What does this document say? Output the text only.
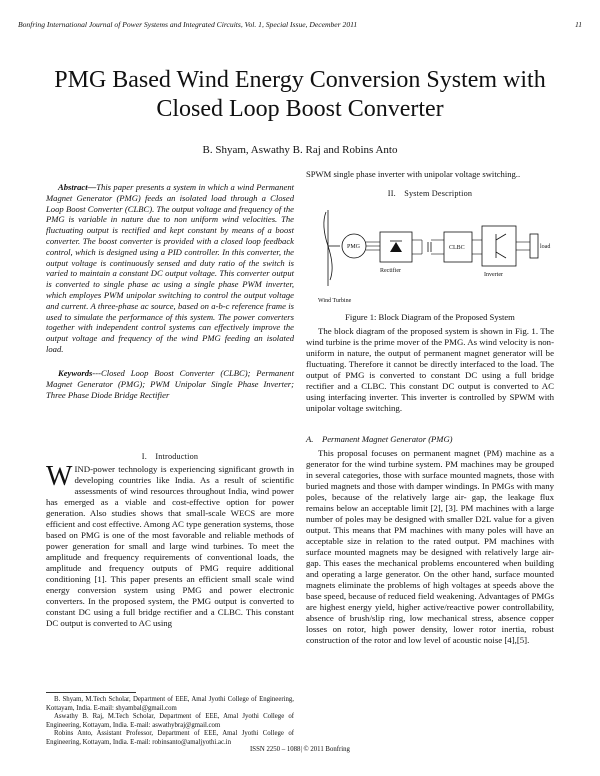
Bonfring International Journal of Power Systems and Integrated Circuits, Vol. 1, Special Issue, December 2011	11
PMG Based Wind Energy Conversion System with Closed Loop Boost Converter
B. Shyam, Aswathy B. Raj and Robins Anto
Abstract—This paper presents a system in which a wind Permanent Magnet Generator (PMG) feeds an isolated load through a Closed Loop Boost Converter (CLBC). The output voltage and frequency of the PMG is variable in nature due to non uniform wind velocities. The fluctuating output is rectified and kept constant by means of a boost converter. The boost converter is provided with a closed loop feedback control, which is designed using a PID controller. In this converter, the output voltage is continuously sensed and duty ratio of the switch is varied to maintain a constant DC output voltage. This converter output is converted to single phase ac using a single phase PWM inverter, which employes PWM unipolar switching to control the output voltage and current. A three-phase ac source, based on a-b-c reference frame is used to simulate the performance of this system. The power converters together with independent control systems can effectively improve the output voltage and frequency of the wind PMG feeding an isolated load.
Keywords---Closed Loop Boost Converter (CLBC); Permanent Magnet Generator (PMG); PWM Unipolar Single Phase Inverter; Three Phase Diode Bridge Rectifier
I. Introduction
WIND-power technology is experiencing significant growth in developing countries like India. As a result of scientific assessments of wind resources throughout India, wind power has emerged as a viable and cost-effective option for power generation. Also studies shows that small-scale WECS are more efficient and cost effective. Among AC type generation systems, those based on PMG is one of the most favorable and reliable methods of power generation for small and large wind turbines. To meet the amplitude and frequency requirements of conventional loads, the amplitude and frequency outputs of PMG require additional conditioning [1]. This paper presents an efficient small scale wind energy conversion system using PMG and power electronic converters. In the proposed system, the PMG output is converted to constant DC using a full bridge rectifier and a CLBC. This constant DC output is converted to AC using

B. Shyam, M.Tech Scholar, Department of EEE, Amal Jyothi College of Engineering, Kottayam, India. E-mail: shyambal@gmail.com

Aswathy B. Raj, M.Tech Scholar, Department of EEE, Amal Jyothi College of Engineering, Kottayam, India. E-mail: aswathybraj@gmail.com

Robins Anto, Assistant Professor, Department of EEE, Amal Jyothi College of Engineering, Kottayam, India. E-mail: robinsanto@amaljyothi.ac.in

SPWM single phase inverter with unipolar voltage switching..
II. System Description
Wind Turbine
PMG
Rectifier
CLBC
Inverter
load
Figure 1: Block Diagram of the Proposed System
The block diagram of the proposed system is shown in Fig. 1. The wind turbine is the prime mover of the PMG. As wind velocity is non-uniform in nature, the output of permanent magnet generator will be fluctuating. Therefore it cannot be directly interfaced to the load. The output of PMG is converted to constant DC using a full bridge rectifier and a CLBC. This constant DC output is converted to AC using interfacing inverter. This inverter is controlled by SPWM with unipolar voltage switching.
A. Permanent Magnet Generator (PMG)
This proposal focuses on permanent magnet (PM) machine as a generator for the wind turbine system. PM machines may be grouped in several categories, those with surface mounted magnets, those with buried magnets and those with damper windings. In PMGs with many poles, because of the relatively large air- gap, the leakage flux remains below an acceptable limit [2], [3]. PM machines with a large number of poles may be designed with smaller D2L value for a given output. This means that PM machines with many poles will have an acceptable size in relation to the rated output. PM machines with surface mounted magnets may be designed with relatively large air-gap. This eases the mechanical problems encountered when building and operating a large generator. On the other hand, surface mounted magnets eliminate the problems of high voltages at speeds above the base speed, because of reduced field weakening. Advantages of PMGs are highest energy yield, higher active/reactive power controllability, absence of brush/slip ring, low mechanical stress, absence copper losses on rotor, high power density, lower rotor inertia, robust construction of the rotor and low level of acoustic noise [4],[5].
ISSN 2250 – 1088| © 2011 Bonfring
